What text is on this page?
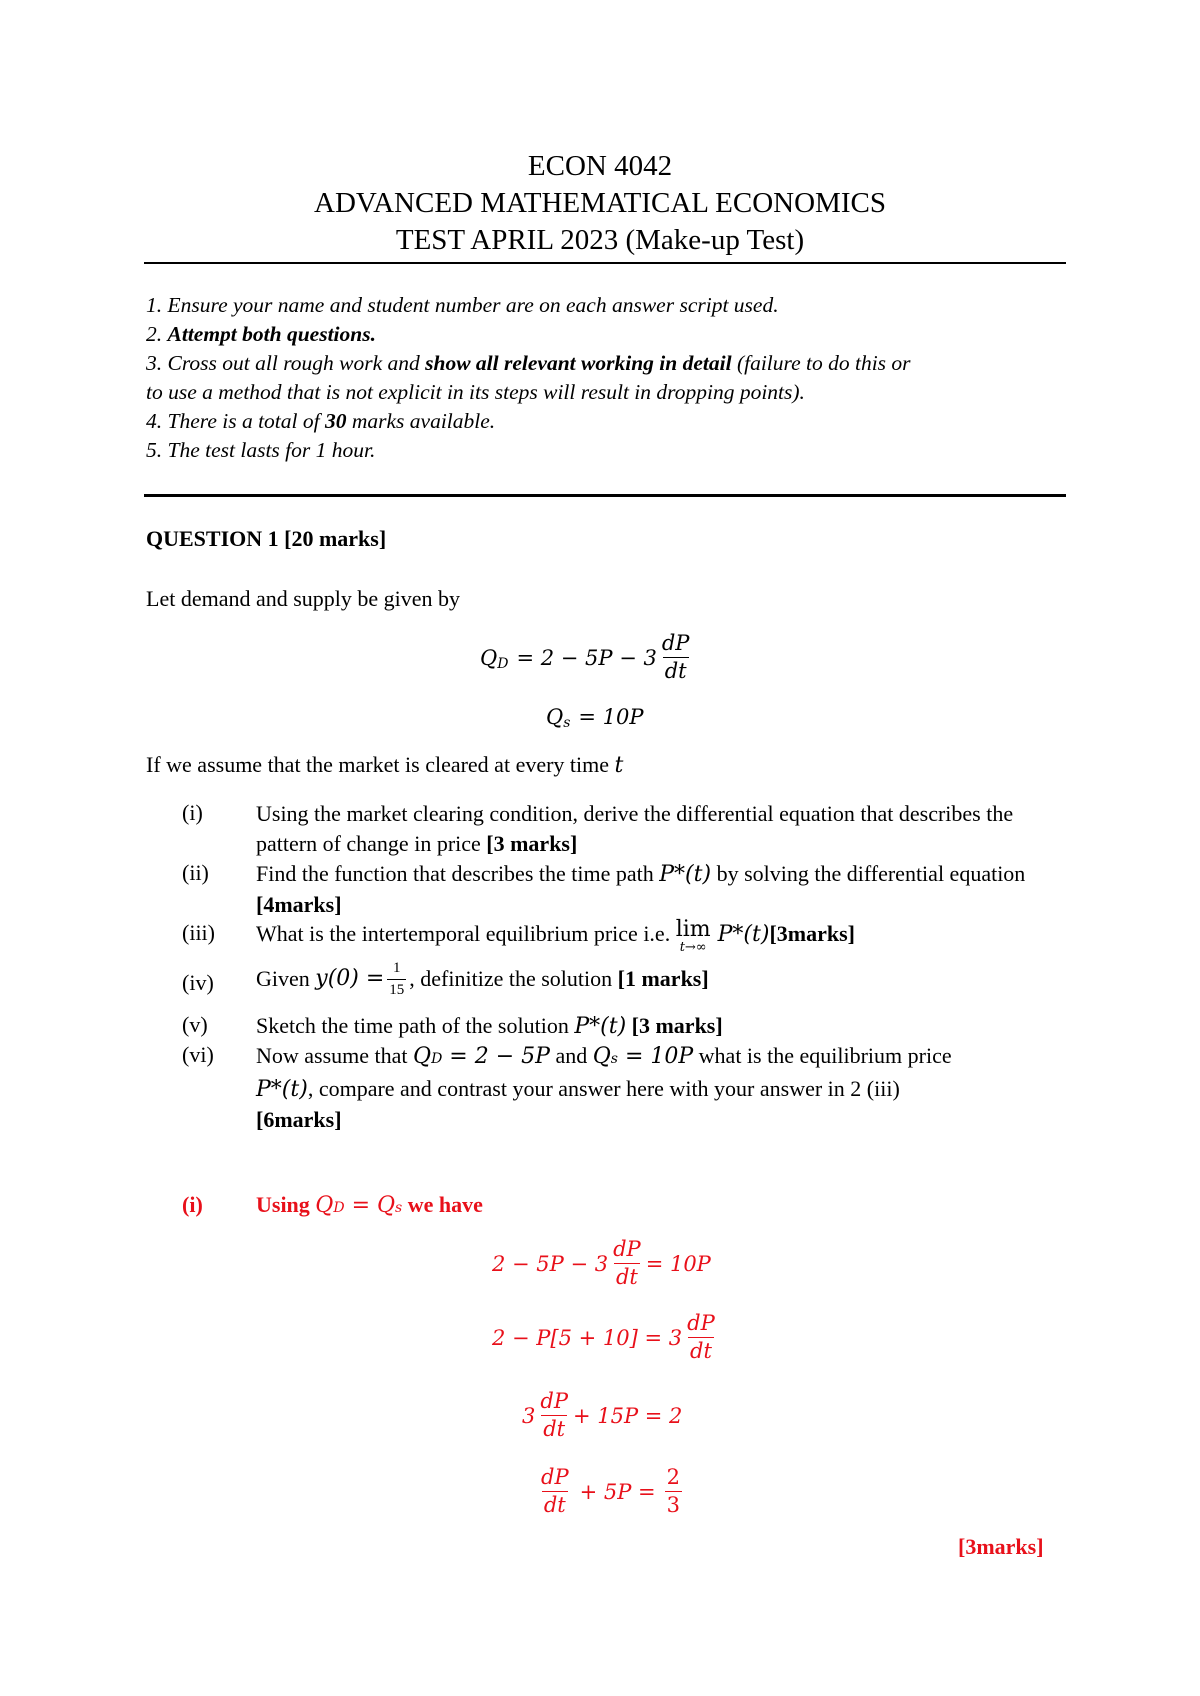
ECON 4042
ADVANCED MATHEMATICAL ECONOMICS
TEST APRIL 2023 (Make-up Test)
1. Ensure your name and student number are on each answer script used.
2. Attempt both questions.
3. Cross out all rough work and show all relevant working in detail (failure to do this or
to use a method that is not explicit in its steps will result in dropping points).
4. There is a total of 30 marks available.
5. The test lasts for 1 hour.
QUESTION 1 [20 marks]
Let demand and supply be given by
Q $D = 2 - 5P - 3 \frac{dP}{dt}$
Q s = 10P
If we assume that the market is cleared at every time t
(i) Using the market clearing condition, derive the differential equation that describes the pattern of change in price [3 marks]
(ii) Find the function that describes the time path P*(t) by solving the differential equation [4marks]
(iii) What is the intertemporal equilibrium price i.e. lim
t→∞
P*(t)[3marks]
(iv) Given
$y(0) = \frac{1}{15}$ , definitize the solution
[1 marks]
(v) Sketch the time path of the solution P*(t) [3 marks]
(vi) Now assume that QD = 2 − 5P and Qs = 10P what is the equilibrium price
P*(t), compare and contrast your answer here with your answer in 2 (iii)
[6marks]
(i) Using QD = Qs we have
$2 - 5P - 3 \frac{dP}{dt} = 10P$
$2 - P[5 + 10] = 3 \frac{dP}{dt}$
$3 \frac{dP}{dt} + 15P = 2$
$\frac{dP}{dt} + 5P = \frac{2}{3}$
[3marks]
